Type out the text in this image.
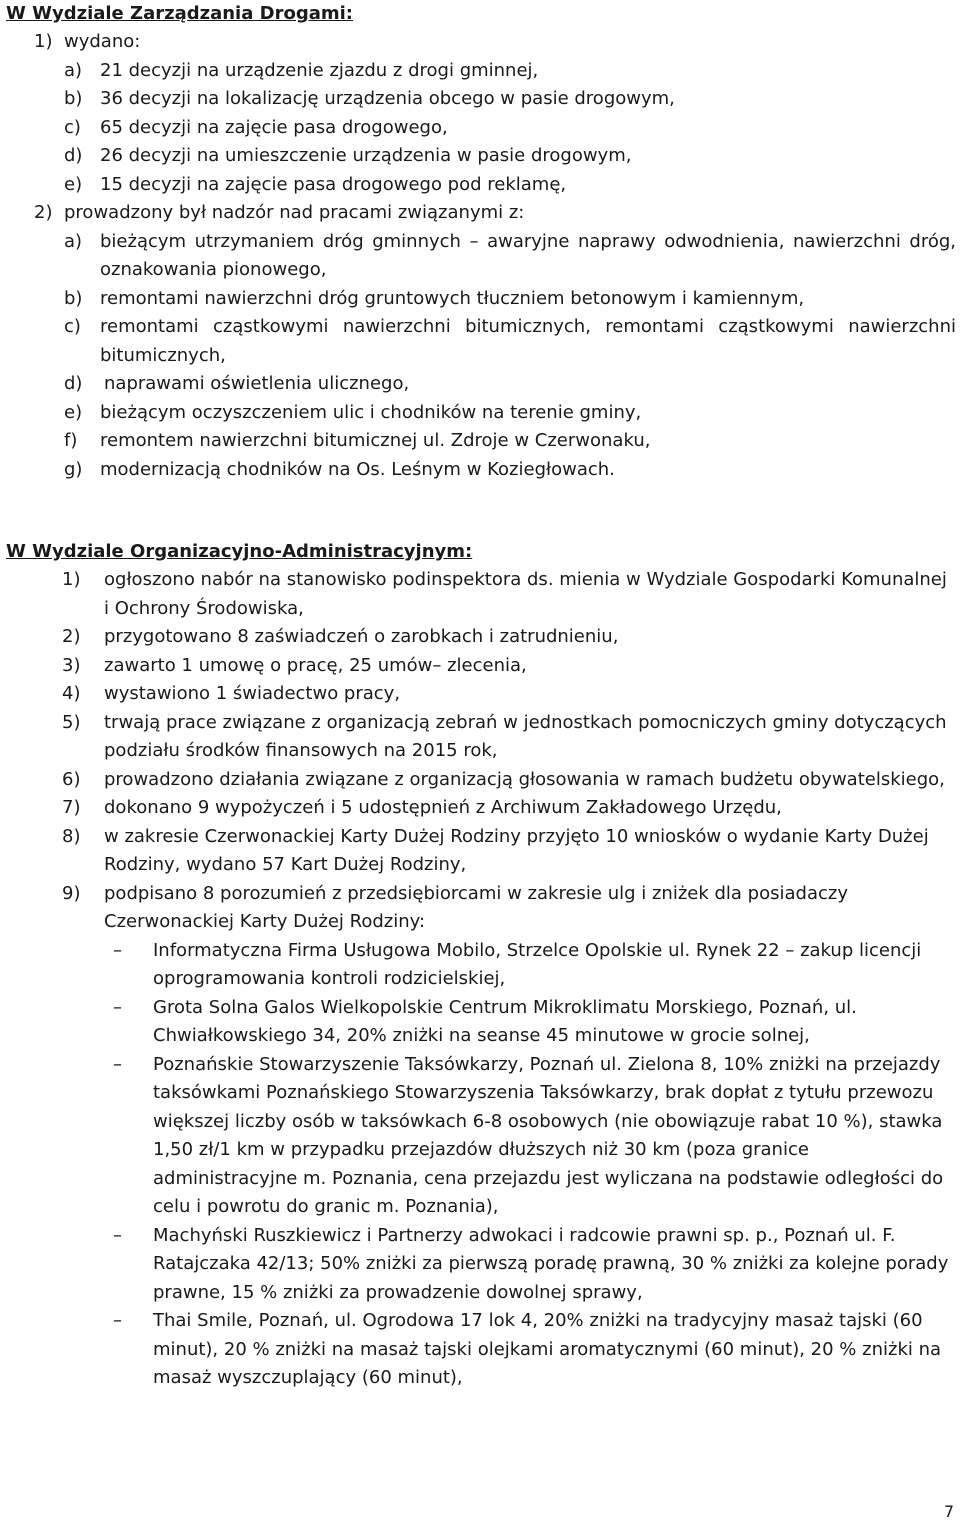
W Wydziale Zarządzania Drogami:
1) wydano:
a) 21 decyzji na urządzenie zjazdu z drogi gminnej,
b) 36 decyzji na lokalizację urządzenia obcego w pasie drogowym,
c)	65 decyzji na zajęcie pasa drogowego,
d) 26 decyzji na umieszczenie urządzenia w pasie drogowym,
e) 15 decyzji na zajęcie pasa drogowego pod reklamę,
2) prowadzony był nadzór nad pracami związanymi z:
a) bieżącym utrzymaniem dróg gminnych – awaryjne naprawy odwodnienia, nawierzchni dróg, oznakowania pionowego,
b) remontami nawierzchni dróg gruntowych tłuczniem betonowym i kamiennym,
c)	remontami cząstkowymi nawierzchni bitumicznych, remontami cząstkowymi nawierzchni bitumicznych,
d)	naprawami oświetlenia ulicznego,
e) bieżącym oczyszczeniem ulic i chodników na terenie gminy,
f)	remontem nawierzchni bitumicznej ul. Zdroje w Czerwonaku,
g) modernizacją chodników na Os. Leśnym w Koziegłowach.
W Wydziale Organizacyjno-Administracyjnym:
1)	ogłoszono nabór na stanowisko podinspektora ds. mienia w Wydziale Gospodarki Komunalnej i Ochrony Środowiska,
2)	przygotowano 8 zaświadczeń o zarobkach i zatrudnieniu,
3)	zawarto 1 umowę o pracę, 25 umów– zlecenia,
4)	wystawiono 1 świadectwo pracy,
5)	trwają prace związane z organizacją zebrań w jednostkach pomocniczych gminy dotyczących podziału środków finansowych na 2015 rok,
6)	prowadzono działania związane z organizacją głosowania w ramach budżetu obywatelskiego,
7)	dokonano 9 wypożyczeń i 5 udostępnień z Archiwum Zakładowego Urzędu,
8)	w zakresie Czerwonackiej Karty Dużej Rodziny przyjęto 10 wniosków o wydanie Karty Dużej Rodziny, wydano 57 Kart Dużej Rodziny,
9)	podpisano 8 porozumień z przedsiębiorcami w zakresie ulg i zniżek dla posiadaczy Czerwonackiej Karty Dużej Rodziny:
–	Informatyczna Firma Usługowa Mobilo, Strzelce Opolskie ul. Rynek 22 – zakup licencji oprogramowania kontroli rodzicielskiej,
–	Grota Solna Galos Wielkopolskie Centrum Mikroklimatu Morskiego, Poznań, ul. Chwiałkowskiego 34, 20% zniżki na seanse 45 minutowe w grocie solnej,
–	Poznańskie Stowarzyszenie Taksówkarzy, Poznań ul. Zielona 8, 10% zniżki na przejazdy taksówkami Poznańskiego Stowarzyszenia Taksówkarzy, brak dopłat z tytułu przewozu większej liczby osób w taksówkach 6-8 osobowych (nie obowiązuje rabat 10 %), stawka 1,50 zł/1 km w przypadku przejazdów dłuższych niż 30 km (poza granice administracyjne m. Poznania, cena przejazdu jest wyliczana na podstawie odległości do celu i powrotu do granic m. Poznania),
–	Machyński Ruszkiewicz i Partnerzy adwokaci i radcowie prawni sp. p., Poznań ul. F. Ratajczaka 42/13; 50% zniżki za pierwszą poradę prawną, 30 % zniżki za kolejne porady prawne, 15 % zniżki za prowadzenie dowolnej sprawy,
–	Thai Smile, Poznań, ul. Ogrodowa 17 lok 4, 20% zniżki na tradycyjny masaż tajski (60 minut), 20 % zniżki na masaż tajski olejkami aromatycznymi (60 minut), 20 % zniżki na masaż wyszczuplający (60 minut),
7
